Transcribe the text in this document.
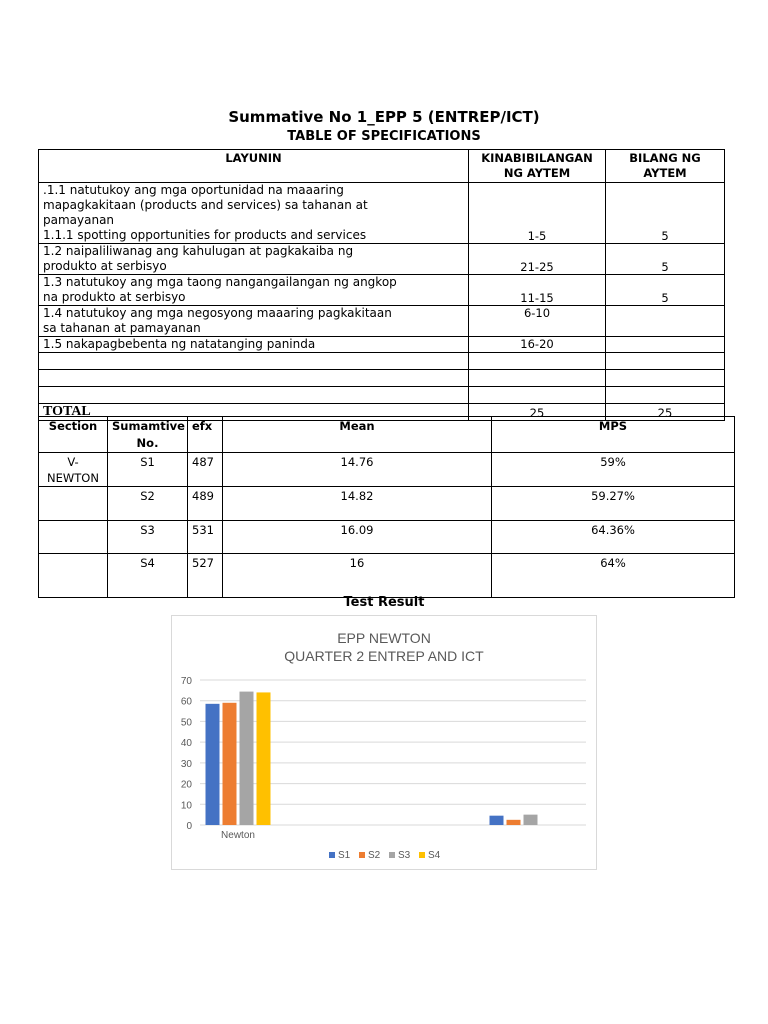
Summative No 1_EPP 5 (ENTREP/ICT)
TABLE OF SPECIFICATIONS
LAYUNIN	KINABIBILANGAN NG AYTEM	BILANG NG AYTEM

.1.1 natutukoy ang mga oportunidad na maaaring
mapagkakitaan (products and services) sa tahanan at
pamayanan
1.1.1 spotting opportunities for products and services	1-5	5

1.2 naipaliliwanag ang kahulugan at pagkakaiba ng
produkto at serbisyo	21-25	5

1.3 natutukoy ang mga taong nangangailangan ng angkop
na produkto at serbisyo	11-15	5

1.4 natutukoy ang mga negosyong maaaring pagkakitaan
sa tahanan at pamayanan	6-10	

1.5 nakapagbebenta ng natatanging paninda	16-20	

TOTAL	25	25
Section	Sumamtive No.	efx	Mean	MPS
V-NEWTON	S1	487	14.76	59%
	S2	489	14.82	59.27%
	S3	531	16.09	64.36%
	S4	527	16	64%
Test Result
EPP NEWTON
QUARTER 2 ENTREP AND ICT
0
10
20
30
40
50
60
70
Newton
S1 S2 S3 S4
